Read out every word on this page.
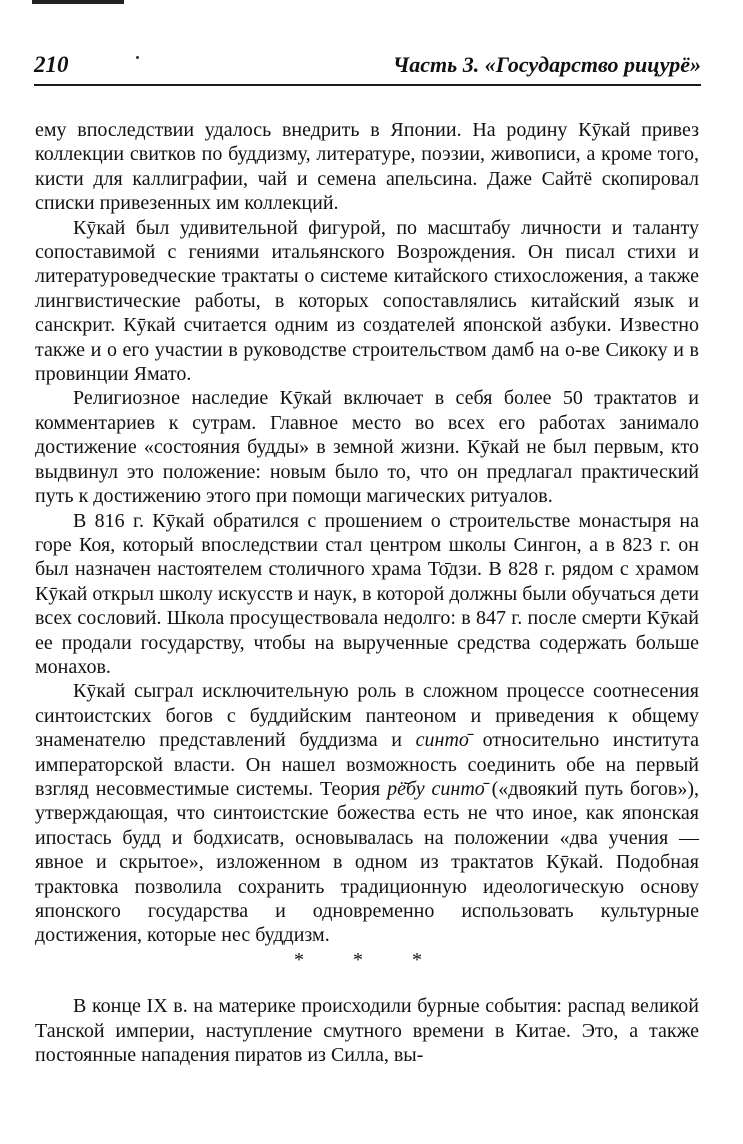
210	Часть 3. «Государство рицурё»

ему впоследствии удалось внедрить в Японии. На родину Кӯкай привез коллекции свитков по буддизму, литературе, поэзии, живописи, а кроме того, кисти для каллиграфии, чай и семена апельсина. Даже Сайтё скопировал списки привезенных им коллекций.

Кӯкай был удивительной фигурой, по масштабу личности и таланту сопоставимой с гениями итальянского Возрождения. Он писал стихи и литературоведческие трактаты о системе китайского стихосложения, а также лингвистические работы, в которых сопоставлялись китайский язык и санскрит. Кӯкай считается одним из создателей японской азбуки. Известно также и о его участии в руководстве строительством дамб на о-ве Сикоку и в провинции Ямато.

Религиозное наследие Кӯкай включает в себя более 50 трактатов и комментариев к сутрам. Главное место во всех его работах занимало достижение «состояния будды» в земной жизни. Кӯкай не был первым, кто выдвинул это положение: новым было то, что он предлагал практический путь к достижению этого при помощи магических ритуалов.

В 816 г. Кӯкай обратился с прошением о строительстве монастыря на горе Коя, который впоследствии стал центром школы Сингон, а в 823 г. он был назначен настоятелем столичного храма То̄дзи. В 828 г. рядом с храмом Кӯкай открыл школу искусств и наук, в которой должны были обучаться дети всех сословий. Школа просуществовала недолго: в 847 г. после смерти Кӯкай ее продали государству, чтобы на вырученные средства содержать больше монахов.

Кӯкай сыграл исключительную роль в сложном процессе соотнесения синтоистских богов с буддийским пантеоном и приведения к общему знаменателю представлений буддизма и синто̄ относительно института императорской власти. Он нашел возможность соединить обе на первый взгляд несовместимые системы. Теория рё̄бу синто̄ («двоякий путь богов»), утверждающая, что синтоистские божества есть не что иное, как японская ипостась будд и бодхисатв, основывалась на положении «два учения — явное и скрытое», изложенном в одном из трактатов Кӯкай. Подобная трактовка позволила сохранить традиционную идеологическую основу японского государства и одновременно использовать культурные достижения, которые нес буддизм.

* * *

В конце IX в. на материке происходили бурные события: распад великой Танской империи, наступление смутного времени в Китае. Это, а также постоянные нападения пиратов из Силла, вы-
